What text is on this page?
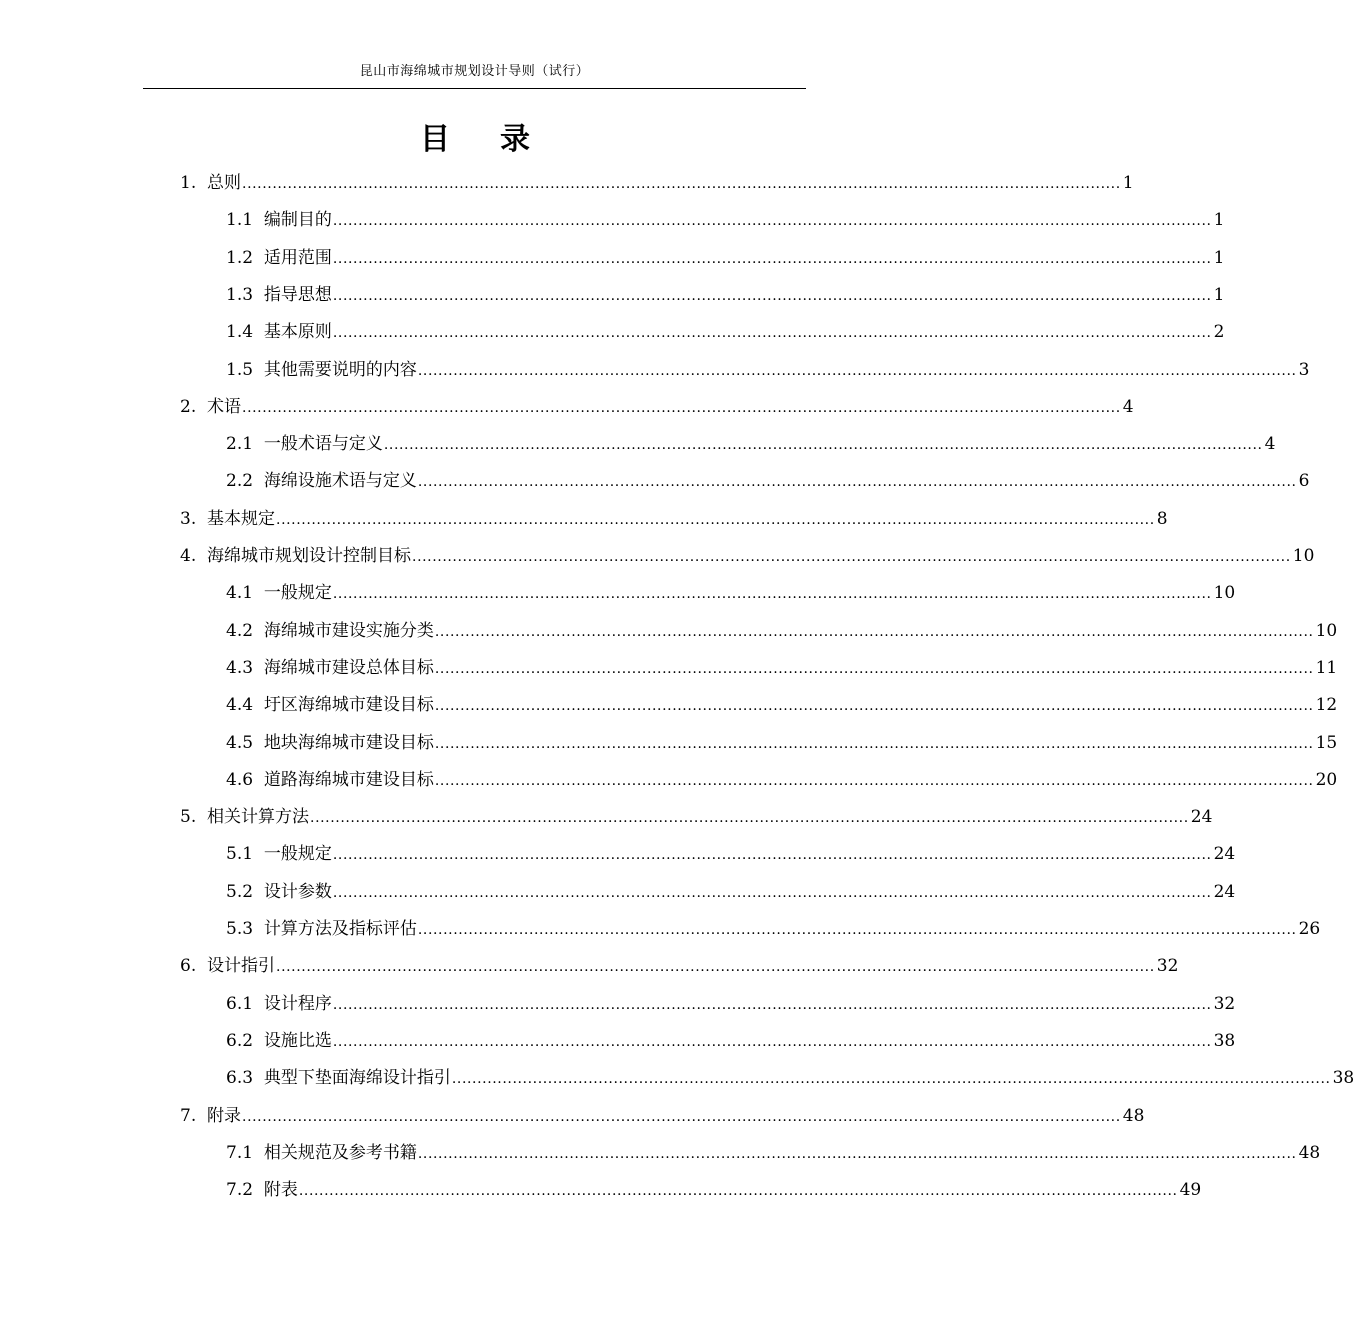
昆山市海绵城市规划设计导则（试行）
目录
1. 总则 .............................................................................................................................................................................. 1
1.1 编制目的 .............................................................................................................................................................................. 1
1.2 适用范围 .............................................................................................................................................................................. 1
1.3 指导思想 .............................................................................................................................................................................. 1
1.4 基本原则 .............................................................................................................................................................................. 2
1.5 其他需要说明的内容 .............................................................................................................................................................................. 3
2. 术语 .............................................................................................................................................................................. 4
2.1 一般术语与定义 .............................................................................................................................................................................. 4
2.2 海绵设施术语与定义 .............................................................................................................................................................................. 6
3. 基本规定 .............................................................................................................................................................................. 8
4. 海绵城市规划设计控制目标 .............................................................................................................................................................................. 10
4.1 一般规定 .............................................................................................................................................................................. 10
4.2 海绵城市建设实施分类 .............................................................................................................................................................................. 10
4.3 海绵城市建设总体目标 .............................................................................................................................................................................. 11
4.4 圩区海绵城市建设目标 .............................................................................................................................................................................. 12
4.5 地块海绵城市建设目标 .............................................................................................................................................................................. 15
4.6 道路海绵城市建设目标 .............................................................................................................................................................................. 20
5. 相关计算方法 .............................................................................................................................................................................. 24
5.1 一般规定 .............................................................................................................................................................................. 24
5.2 设计参数 .............................................................................................................................................................................. 24
5.3 计算方法及指标评估 .............................................................................................................................................................................. 26
6. 设计指引 .............................................................................................................................................................................. 32
6.1 设计程序 .............................................................................................................................................................................. 32
6.2 设施比选 .............................................................................................................................................................................. 38
6.3 典型下垫面海绵设计指引 .............................................................................................................................................................................. 38
7. 附录 .............................................................................................................................................................................. 48
7.1 相关规范及参考书籍 .............................................................................................................................................................................. 48
7.2 附表 .............................................................................................................................................................................. 49
